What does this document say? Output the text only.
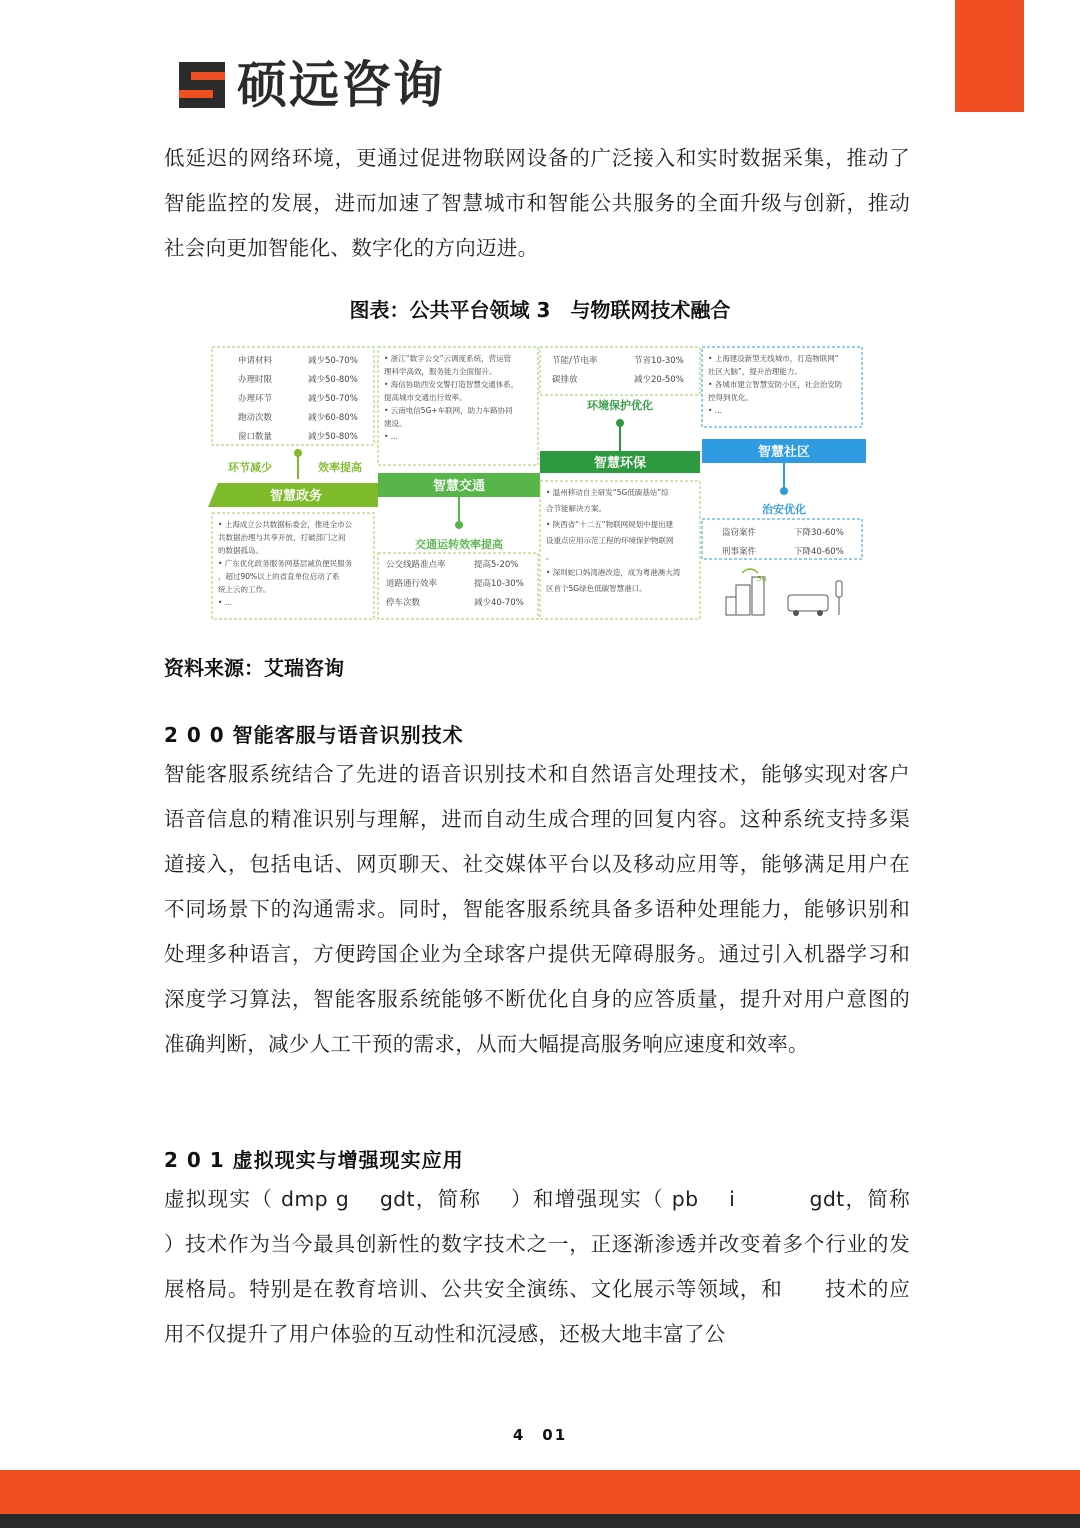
硕远咨询

低延迟的网络环境，更通过促进物联网设备的广泛接入和实时数据采集，推动了智能监控的发展，进而加速了智慧城市和智能公共服务的全面升级与创新，推动社会向更加智能化、数字化的方向迈进。

图表：公共平台领域 3　与物联网技术融合
申请材料	减少50-70%
办理时限	减少50-80%
办理环节	减少50-70%
跑动次数	减少60-80%
窗口数量	减少50-80%
环节减少	效率提高
智慧政务
• 上海成立公共数据标委会，推进全市公
共数据治理与共享开放，打破部门之间
的数据孤岛。
• 广东优化政务服务网基层减负便民服务
，超过90%以上的省直单位启动了系
统上云的工作。
• ...
• 浙江“数字公交”云调度系统，营运管
理科学高效，服务能力全面提升。
• 海信协助西安交警打造智慧交通体系，
提高城市交通出行效率。
• 云南电信5G+车联网，助力车路协同
建设。
• ...
智慧交通
交通运转效率提高
公交线路准点率	提高5-20%
道路通行效率	提高10-30%
停车次数	减少40-70%
节能/节电率	节省10-30%
碳排放	减少20-50%
环境保护优化
智慧环保
• 温州移动自主研发“5G低碳基站”综
合节能解决方案。
• 陕西省“十二五”物联网规划中提出建
设重点应用示范工程的环境保护物联网
。
• 深圳蛇口妈湾港改造，成为粤港澳大湾
区首个5G绿色低碳智慧港口。
• 上海建设新型无线城市，打造物联网“
社区大脑”，提升治理能力。
• 各城市建立智慧安防小区，社会治安防
控得到优化。
• ...
智慧社区
治安优化
盗窃案件	下降30-60%
刑事案件	下降40-60%
5G
资料来源：艾瑞咨询
2 0 0 智能客服与语音识别技术

智能客服系统结合了先进的语音识别技术和自然语言处理技术，能够实现对客户语音信息的精准识别与理解，进而自动生成合理的回复内容。这种系统支持多渠道接入，包括电话、网页聊天、社交媒体平台以及移动应用等，能够满足用户在不同场景下的沟通需求。同时，智能客服系统具备多语种处理能力，能够识别和处理多种语言，方便跨国企业为全球客户提供无障碍服务。通过引入机器学习和深度学习算法，智能客服系统能够不断优化自身的应答质量，提升对用户意图的准确判断，减少人工干预的需求，从而大幅提高服务响应速度和效率。

2 0 1 虚拟现实与增强现实应用

虚拟现实（ dmp g　 gdt，简称　 ）和增强现实（ pb　 i　　　 gdt，简称　 ）技术作为当今最具创新性的数字技术之一，正逐渐渗透并改变着多个行业的发展格局。特别是在教育培训、公共安全演练、文化展示等领域，和　　技术的应用不仅提升了用户体验的互动性和沉浸感，还极大地丰富了公

4　01
